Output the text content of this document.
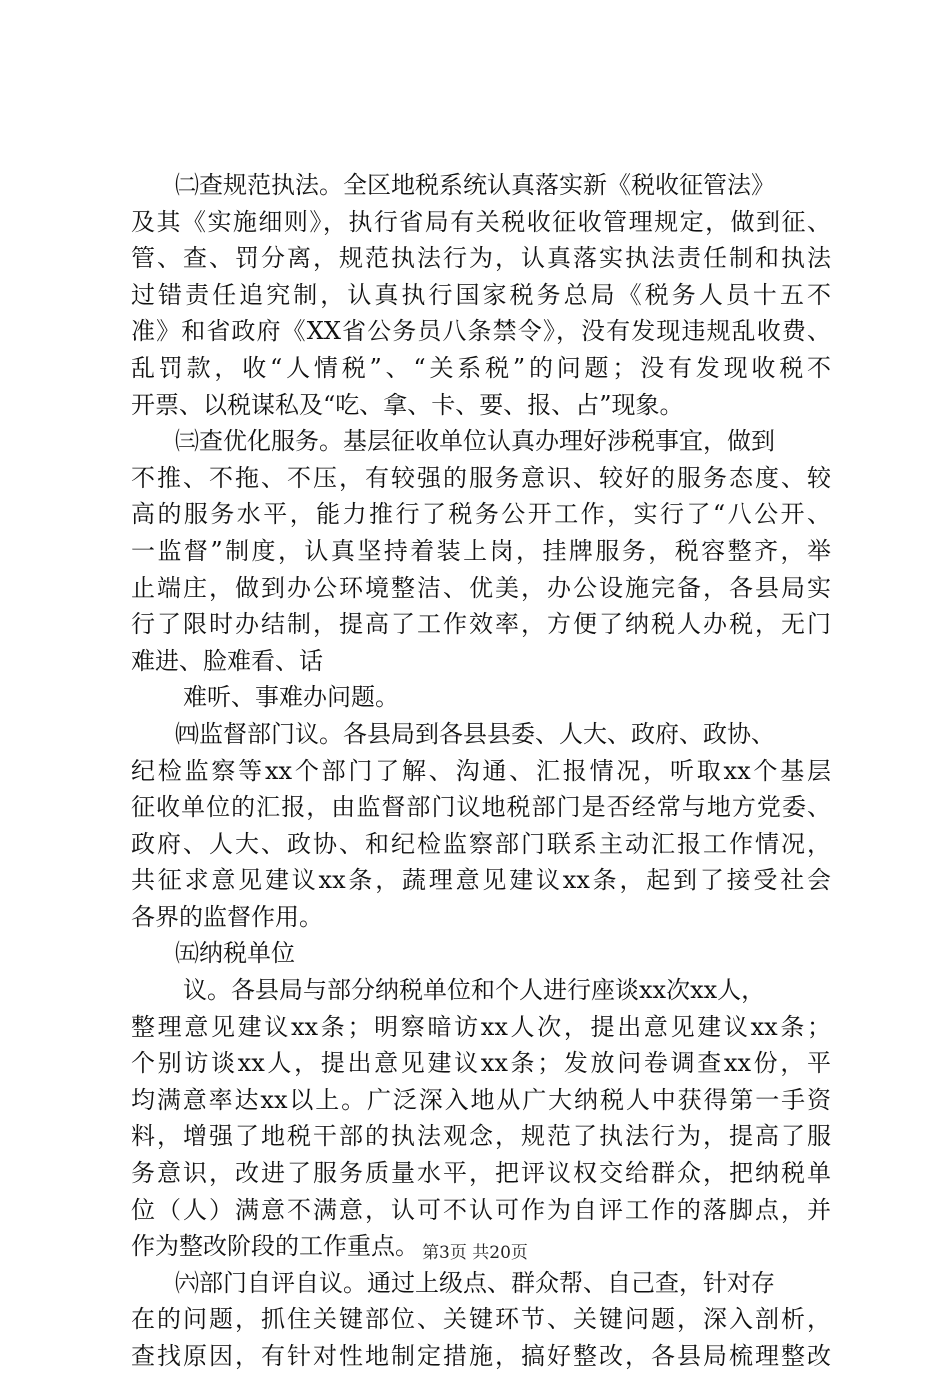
㈡查规范执法。全区地税系统认真落实新《税收征管法》
及其《实施细则》，执行省局有关税收征收管理规定，做到征、
管、查、罚分离，规范执法行为，认真落实执法责任制和执法
过错责任追究制，认真执行国家税务总局《税务人员十五不
准》和省政府《XX省公务员八条禁令》，没有发现违规乱收费、
乱罚款，收“人情税”、“关系税”的问题；没有发现收税不
开票、以税谋私及“吃、拿、卡、要、报、占”现象。
㈢查优化服务。基层征收单位认真办理好涉税事宜，做到
不推、不拖、不压，有较强的服务意识、较好的服务态度、较
高的服务水平，能力推行了税务公开工作，实行了“八公开、
一监督”制度，认真坚持着装上岗，挂牌服务，税容整齐，举
止端庄，做到办公环境整洁、优美，办公设施完备，各县局实
行了限时办结制，提高了工作效率，方便了纳税人办税，无门
难进、脸难看、话
难听、事难办问题。
㈣监督部门议。各县局到各县县委、人大、政府、政协、
纪检监察等xx个部门了解、沟通、汇报情况，听取xx个基层
征收单位的汇报，由监督部门议地税部门是否经常与地方党委、
政府、人大、政协、和纪检监察部门联系主动汇报工作情况，
共征求意见建议xx条，蔬理意见建议xx条，起到了接受社会
各界的监督作用。
㈤纳税单位
议。各县局与部分纳税单位和个人进行座谈xx次xx人，
整理意见建议xx条；明察暗访xx人次，提出意见建议xx条；
个别访谈xx人，提出意见建议xx条；发放问卷调查xx份，平
均满意率达xx以上。广泛深入地从广大纳税人中获得第一手资
料，增强了地税干部的执法观念，规范了执法行为，提高了服
务意识，改进了服务质量水平，把评议权交给群众，把纳税单
位（人）满意不满意，认可不认可作为自评工作的落脚点，并
作为整改阶段的工作重点。
㈥部门自评自议。通过上级点、群众帮、自己查，针对存
在的问题，抓住关键部位、关键环节、关键问题，深入剖析，
查找原因，有针对性地制定措施，搞好整改，各县局梳理整改
第3页 共20页
